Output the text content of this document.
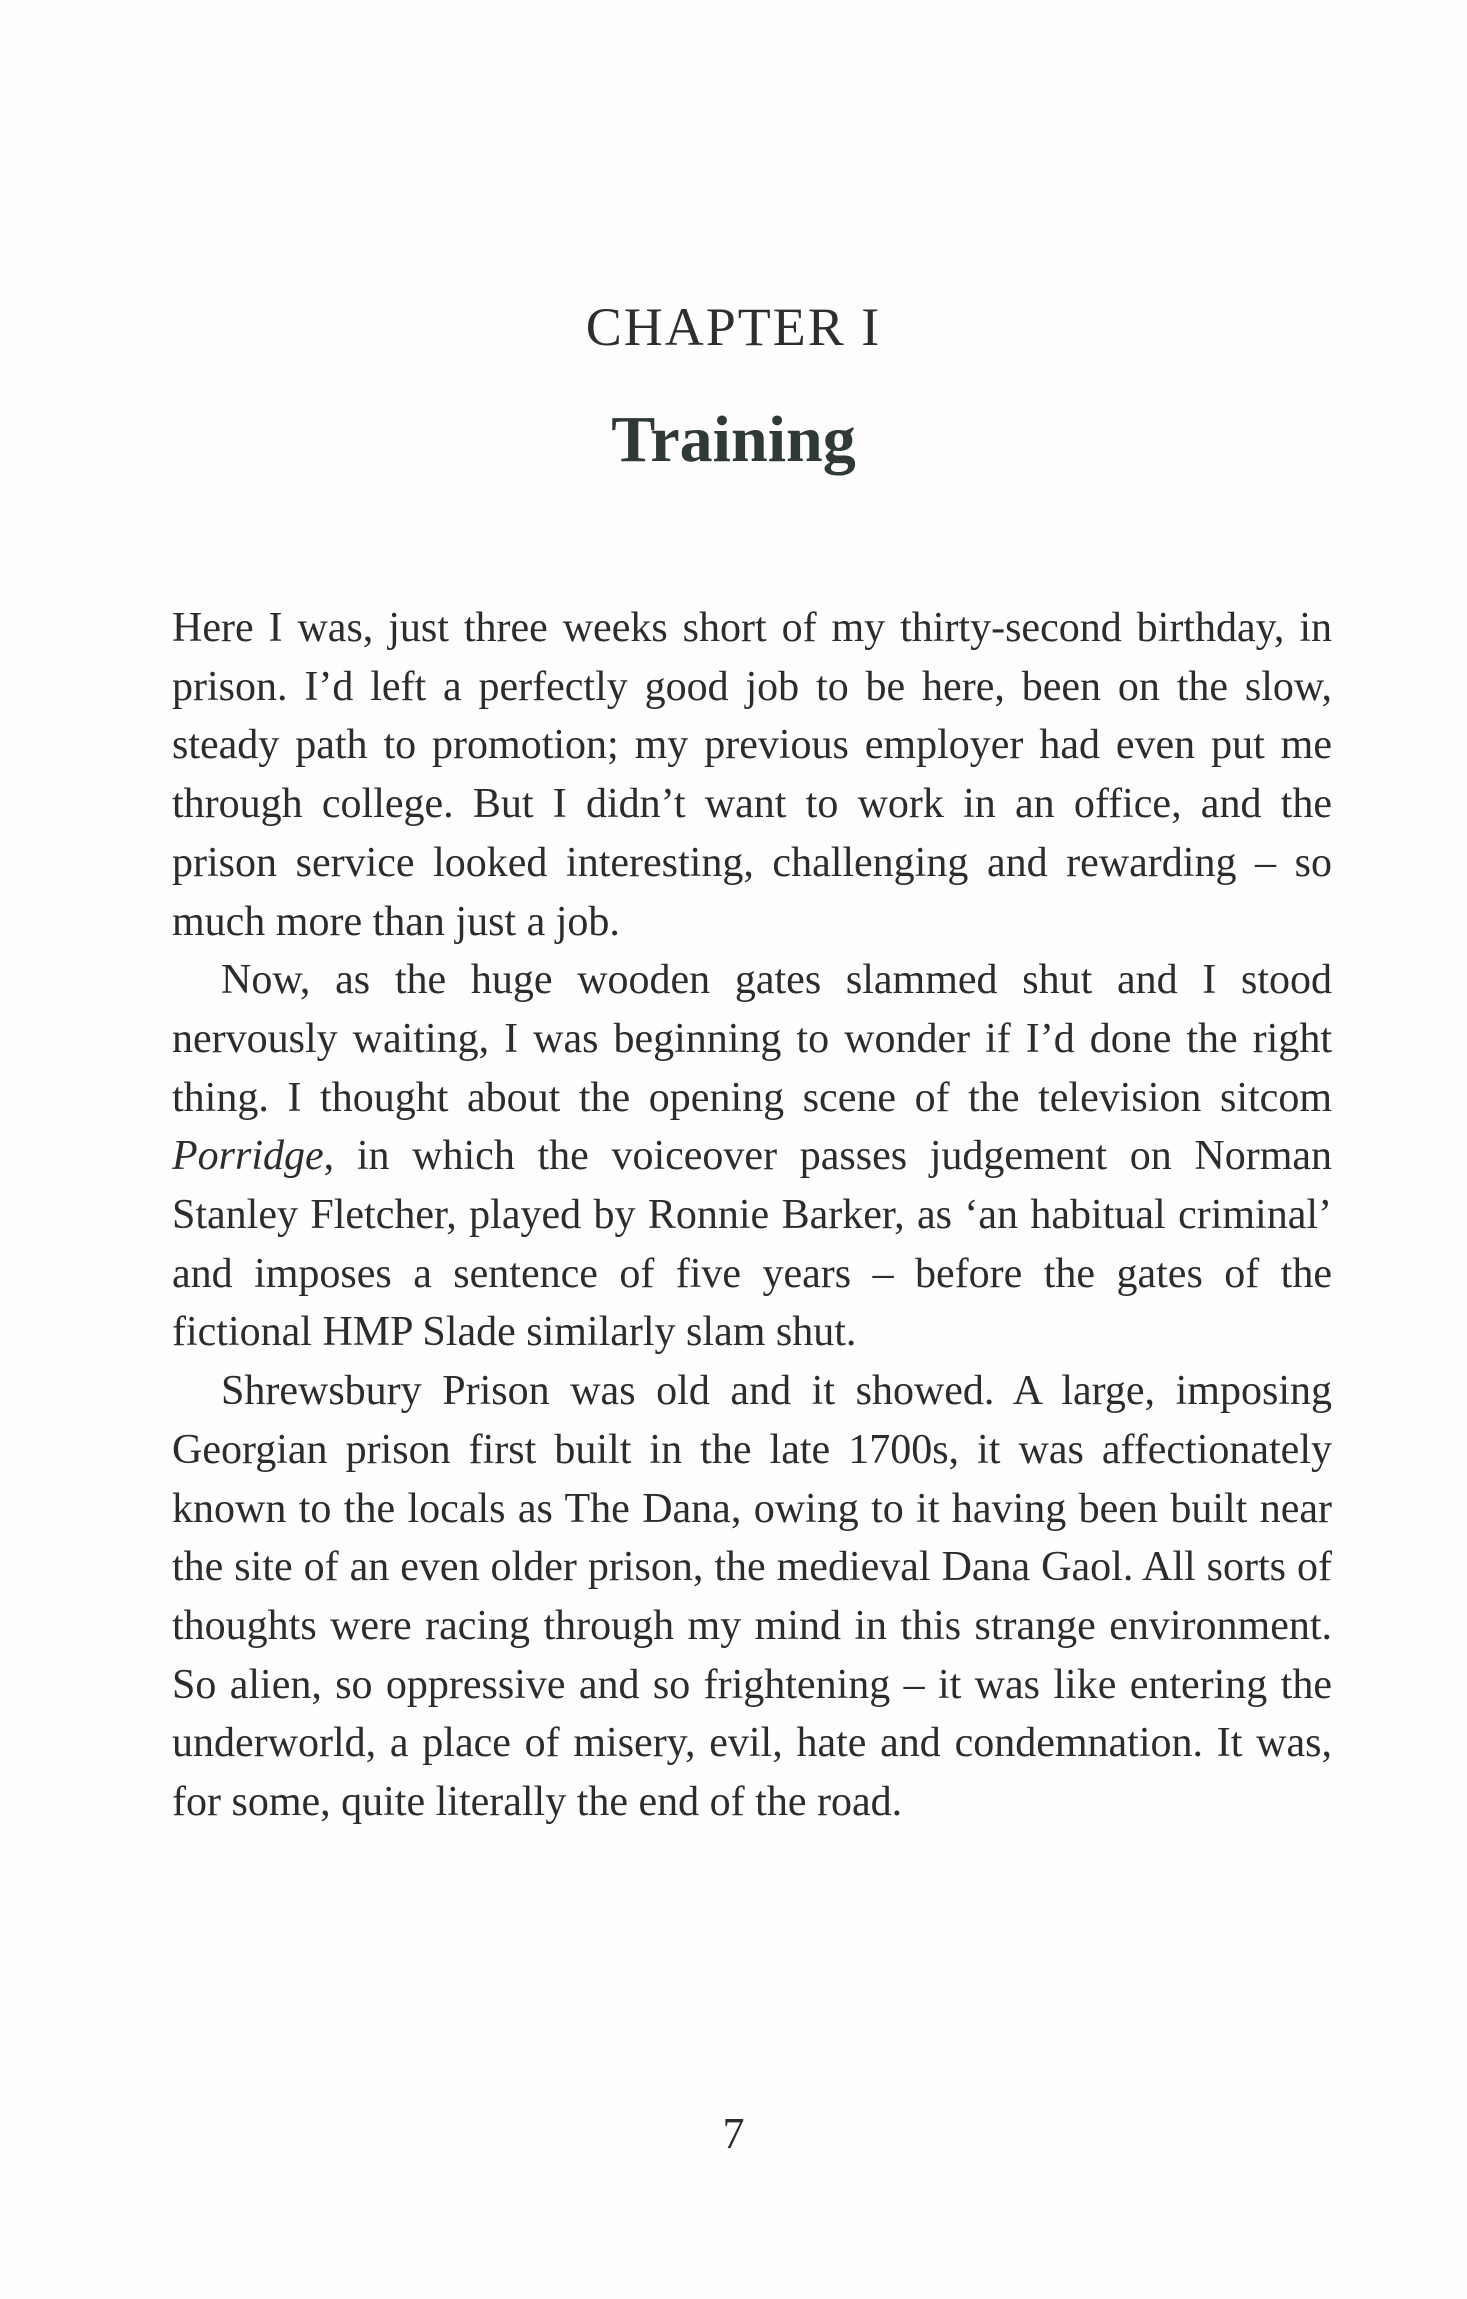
CHAPTER I
Training

Here I was, just three weeks short of my thirty-second birthday, in prison. I’d left a perfectly good job to be here, been on the slow, steady path to promotion; my previous employer had even put me through college. But I didn’t want to work in an office, and the prison service looked interesting, challenging and rewarding – so much more than just a job.

Now, as the huge wooden gates slammed shut and I stood nervously waiting, I was beginning to wonder if I’d done the right thing. I thought about the opening scene of the television sitcom Porridge, in which the voiceover passes judgement on Norman Stanley Fletcher, played by Ronnie Barker, as ‘an habitual criminal’ and imposes a sentence of five years – before the gates of the fictional HMP Slade similarly slam shut.

Shrewsbury Prison was old and it showed. A large, imposing Georgian prison first built in the late 1700s, it was affectionately known to the locals as The Dana, owing to it having been built near the site of an even older prison, the medieval Dana Gaol. All sorts of thoughts were racing through my mind in this strange environment. So alien, so oppressive and so frightening – it was like entering the underworld, a place of misery, evil, hate and condemnation. It was, for some, quite literally the end of the road.

7
